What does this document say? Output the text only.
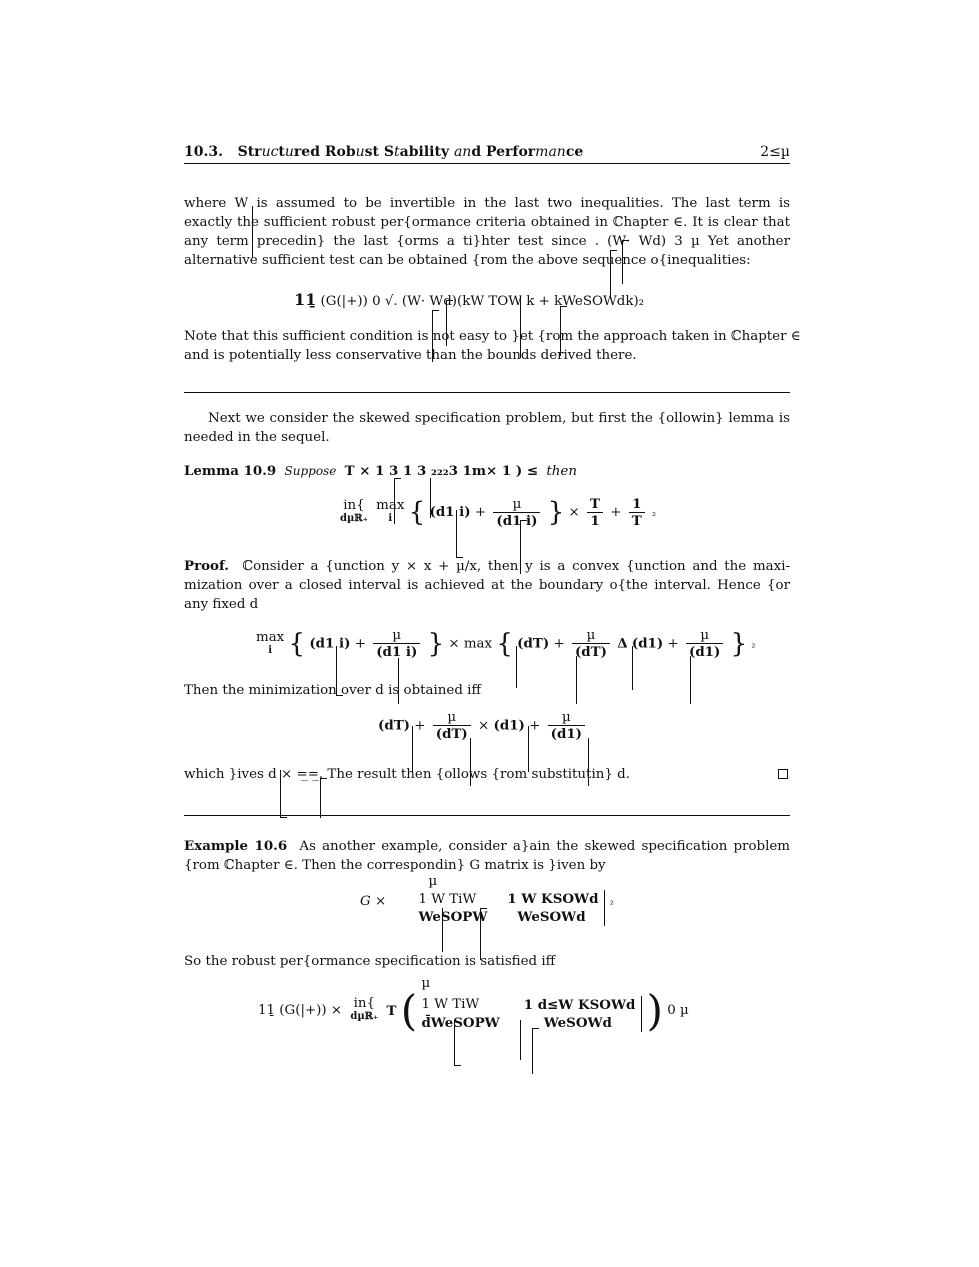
10.3. Structured Robust Stability and Performance	2≤µ
where W is assumed to be invertible in the last two inequalities. The last term is
exactly the sufficient robust per{ormance criteria obtained in ℂhapter ∈. It is clear that
any term precedin} the last {orms a ti}hter test since . (W· Wd) 3 µ Yet another
alternative sufficient test can be obtained {rom the above sequence o{inequalities:
1⁠1̱ (G(|+)) 0 √. (W· Wd)(kW TOW k + kWeSOWdk)₂
Note that this sufficient condition is not easy to }et {rom the approach taken in ℂhapter ∈
and is potentially less conservative than the bounds derived there.
Next we consider the skewed specification problem, but first the {ollowin} lemma is
needed in the sequel.
Lemma 10.9 Suppose T × 1 3 1 3 ₂₂₂3 1m× 1 ) ≤ then
in{
dµℝ₊ max
i { (d1 $i) + \frac{\text{µ}}{(d1 i)}$ } × $\frac{T}{1} + \frac{1}{T} _2$
Proof. ℂonsider a {unction y × x + µ/x, then y is a convex {unction and the maxi-
mization over a closed interval is achieved at the boundary o{the interval. Hence {or
any fixed d
max
i { (d1 $i) + \frac{\text{µ}}{(d1 i)}$ } × max { $(dT) + \frac{\text{µ}}{(dT)}$ Δ $(d1) + \frac{\text{µ}}{(d1)}$ } ₂
Then the minimization over d is obtained iff
$(dT) + \frac{\text{µ}}{(dT)} \times (d1) + \frac{\text{µ}}{(d1)}$
which }ives d × =̲=̲. The result then {ollows {rom substitutin} d.
Example 10.6 As another example, consider a}ain the skewed specification problem
{rom ℂhapter ∈. Then the correspondin} G matrix is }iven by
G ×
µ
1 W TiW	1 W KSOWd
WeSOPW	WeSOWd
₂
So the robust per{ormance specification is satisfied iff
1⁠1̱ (G(|+)) × in{
dµℝ₊ T (
µ
1 W TiW	1 d≤W KSOWd
d̄WeSOPW	WeSOWd ) 0 µ
